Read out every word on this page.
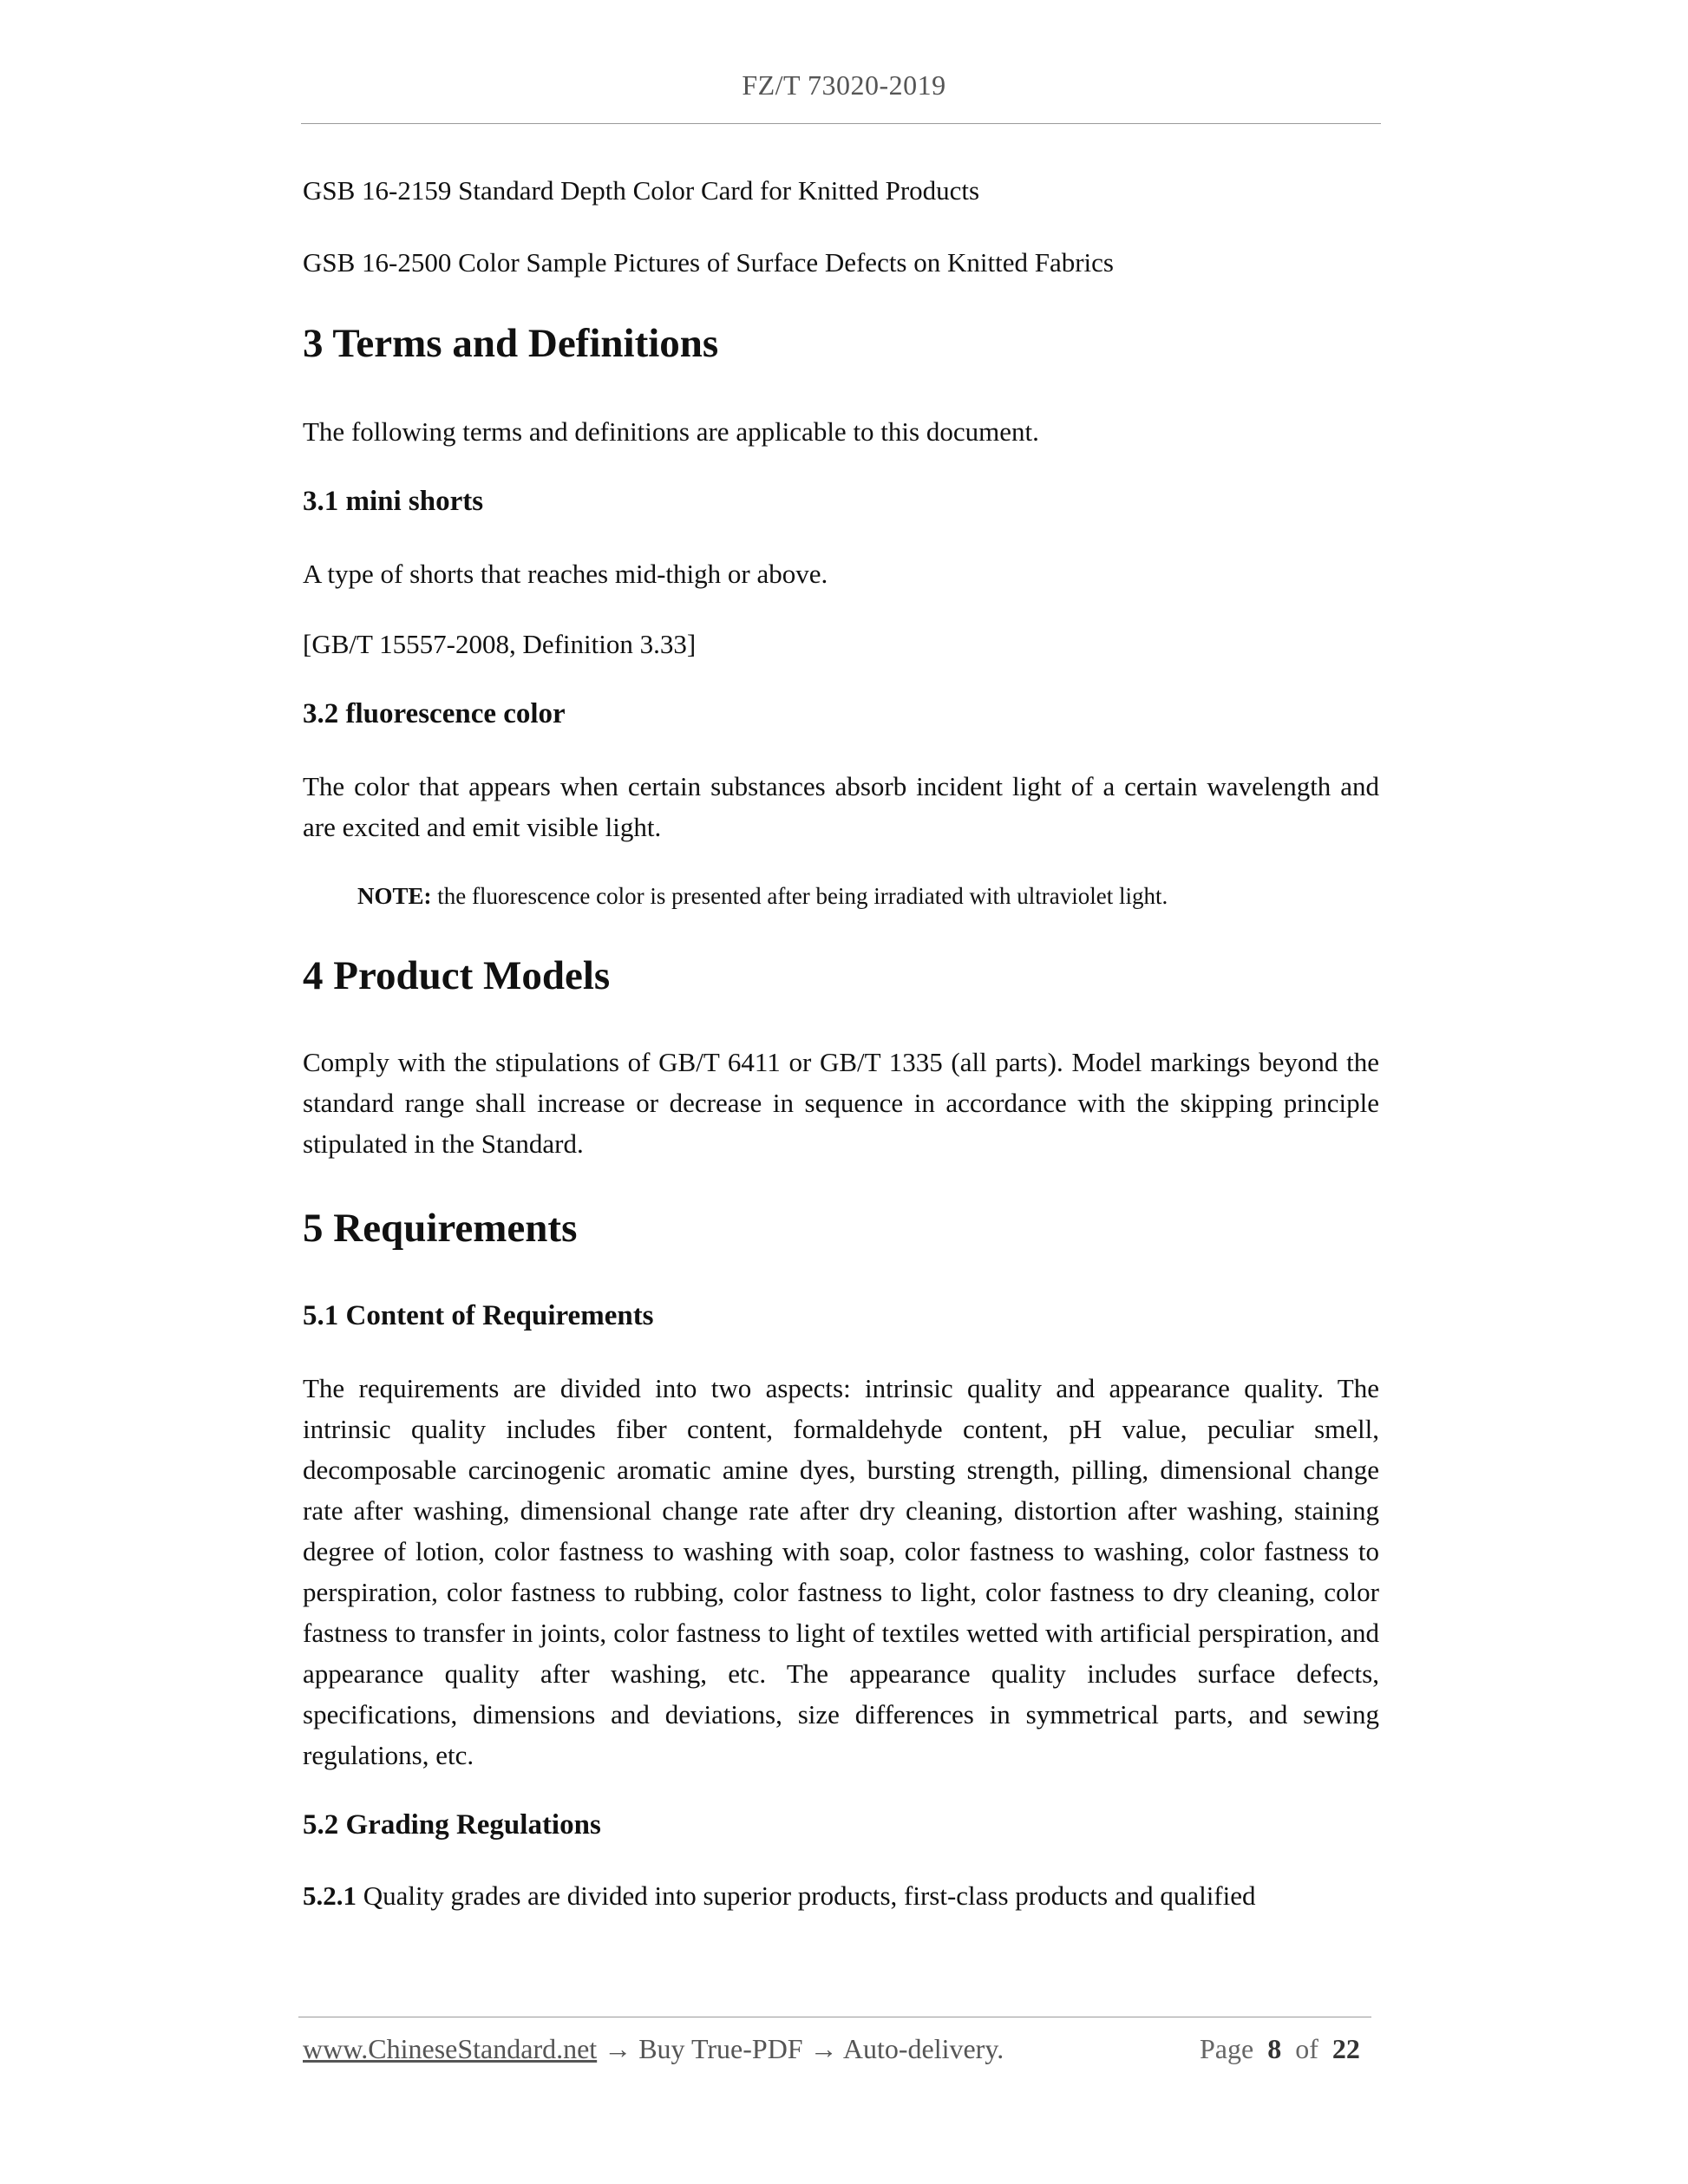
FZ/T 73020-2019

GSB 16-2159 Standard Depth Color Card for Knitted Products

GSB 16-2500 Color Sample Pictures of Surface Defects on Knitted Fabrics

3 Terms and Definitions

The following terms and definitions are applicable to this document.

3.1 mini shorts

A type of shorts that reaches mid-thigh or above.

[GB/T 15557-2008, Definition 3.33]

3.2 fluorescence color

The color that appears when certain substances absorb incident light of a certain wavelength and are excited and emit visible light.

NOTE: the fluorescence color is presented after being irradiated with ultraviolet light.

4 Product Models

Comply with the stipulations of GB/T 6411 or GB/T 1335 (all parts). Model markings beyond the standard range shall increase or decrease in sequence in accordance with the skipping principle stipulated in the Standard.

5 Requirements
5.1 Content of Requirements

The requirements are divided into two aspects: intrinsic quality and appearance quality. The intrinsic quality includes fiber content, formaldehyde content, pH value, peculiar smell, decomposable carcinogenic aromatic amine dyes, bursting strength, pilling, dimensional change rate after washing, dimensional change rate after dry cleaning, distortion after washing, staining degree of lotion, color fastness to washing with soap, color fastness to washing, color fastness to perspiration, color fastness to rubbing, color fastness to light, color fastness to dry cleaning, color fastness to transfer in joints, color fastness to light of textiles wetted with artificial perspiration, and appearance quality after washing, etc. The appearance quality includes surface defects, specifications, dimensions and deviations, size differences in symmetrical parts, and sewing regulations, etc.

5.2 Grading Regulations

5.2.1 Quality grades are divided into superior products, first-class products and qualified

www.ChineseStandard.net → Buy True-PDF → Auto-delivery.	Page 8 of 22
